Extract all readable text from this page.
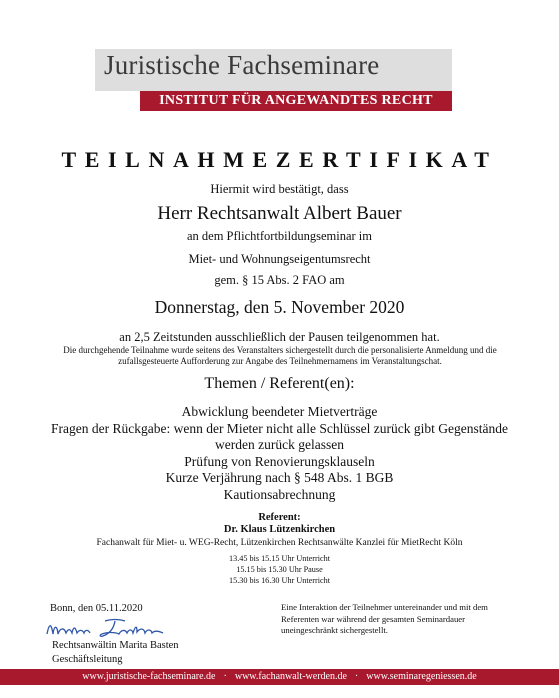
Juristische Fachseminare
INSTITUT FÜR ANGEWANDTES RECHT
TEILNAHMEZERTIFIKAT
Hiermit wird bestätigt, dass
Herr Rechtsanwalt Albert Bauer
an dem Pflichtfortbildungseminar im
Miet- und Wohnungseigentumsrecht
gem. § 15 Abs. 2 FAO am
Donnerstag, den 5. November 2020
an 2,5 Zeitstunden ausschließlich der Pausen teilgenommen hat.
Die durchgehende Teilnahme wurde seitens des Veranstalters sichergestellt durch die personalisierte Anmeldung und die
zufallsgesteuerte Aufforderung zur Angabe des Teilnehmernamens im Veranstaltungschat.
Themen / Referent(en):
Abwicklung beendeter Mietverträge
Fragen der Rückgabe: wenn der Mieter nicht alle Schlüssel zurück gibt Gegenstände
werden zurück gelassen
Prüfung von Renovierungsklauseln
Kurze Verjährung nach § 548 Abs. 1 BGB
Kautionsabrechnung
Referent:
Dr. Klaus Lützenkirchen
Fachanwalt für Miet- u. WEG-Recht, Lützenkirchen Rechtsanwälte Kanzlei für MietRecht Köln
13.45 bis 15.15 Uhr Unterricht
15.15 bis 15.30 Uhr Pause
15.30 bis 16.30 Uhr Unterricht
Bonn, den 05.11.2020
Rechtsanwältin Marita Basten
Geschäftsleitung
Eine Interaktion der Teilnehmer untereinander und mit dem
Referenten war während der gesamten Seminardauer
uneingeschränkt sichergestellt.
www.juristische-fachseminare.de · www.fachanwalt-werden.de · www.seminaregeniessen.de
